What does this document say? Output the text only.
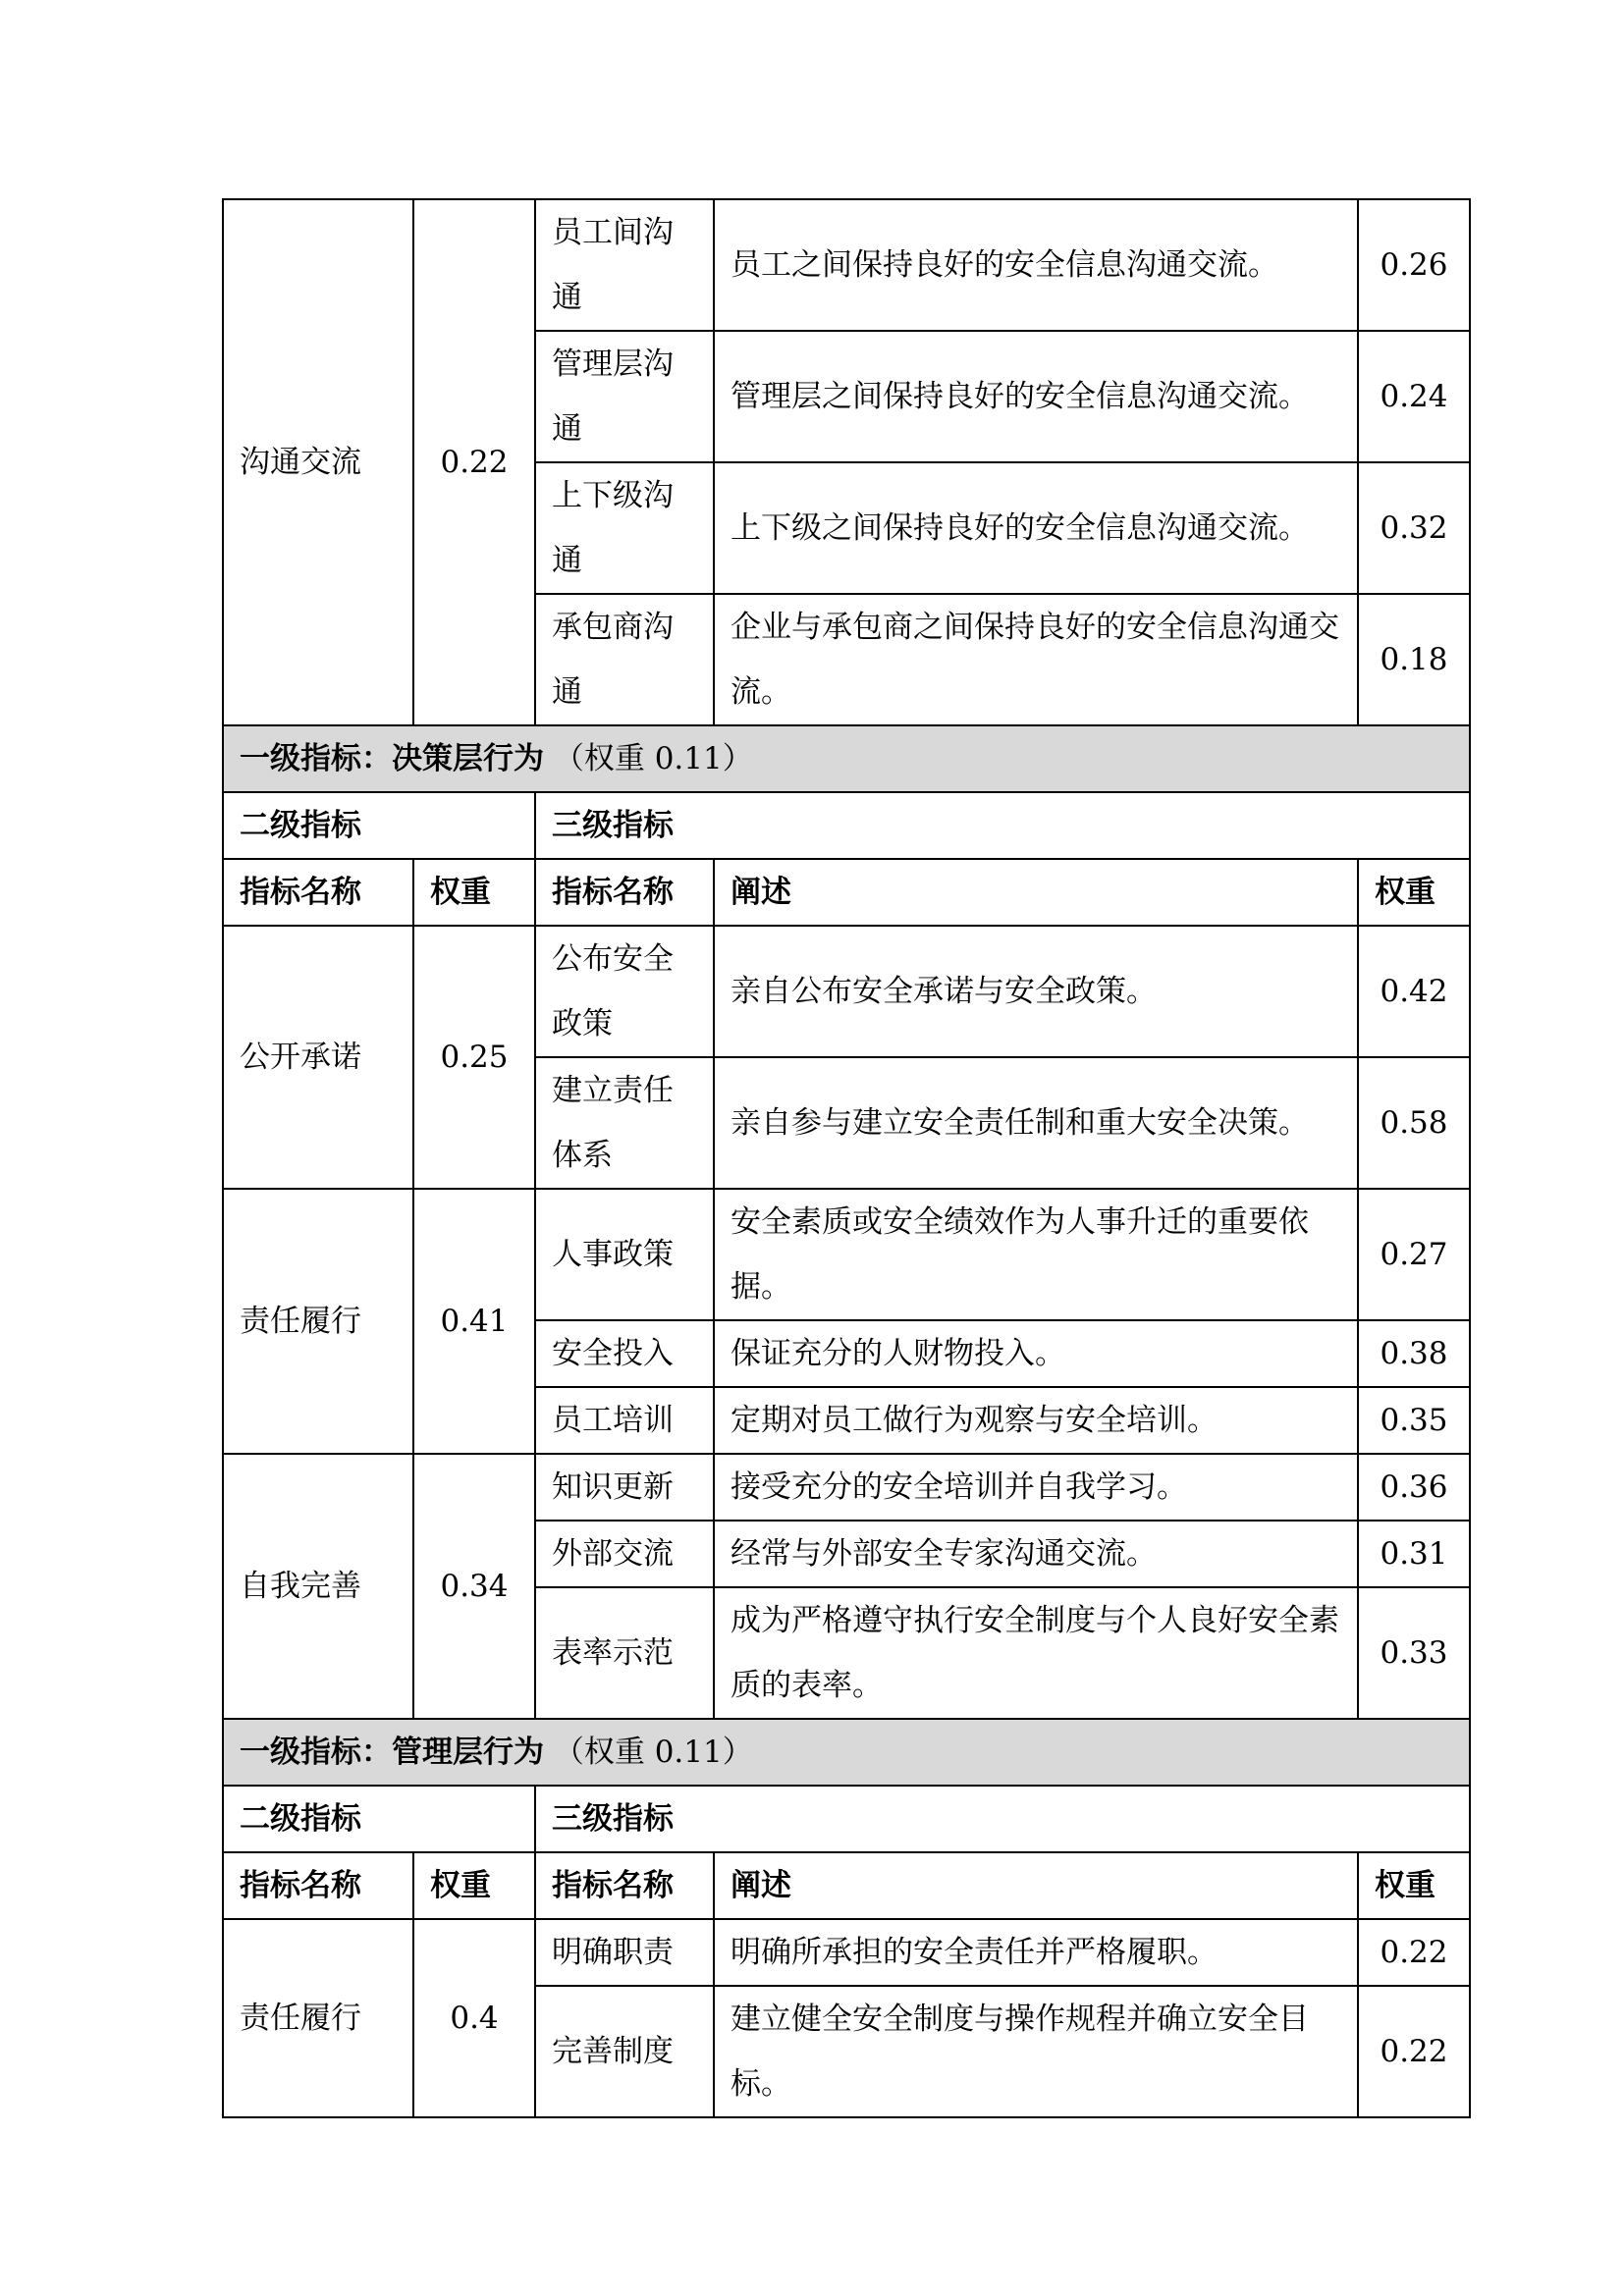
沟通交流	0.22	员工间沟通	员工之间保持良好的安全信息沟通交流。	0.26
		管理层沟通	管理层之间保持良好的安全信息沟通交流。	0.24
		上下级沟通	上下级之间保持良好的安全信息沟通交流。	0.32
		承包商沟通	企业与承包商之间保持良好的安全信息沟通交流。	0.18
一级指标：决策层行为 （权重 0.11）				
二级指标		三级指标		
指标名称	权重	指标名称	阐述	权重
公开承诺	0.25	公布安全政策	亲自公布安全承诺与安全政策。	0.42
		建立责任体系	亲自参与建立安全责任制和重大安全决策。	0.58
责任履行	0.41	人事政策	安全素质或安全绩效作为人事升迁的重要依据。	0.27
		安全投入	保证充分的人财物投入。	0.38
		员工培训	定期对员工做行为观察与安全培训。	0.35
自我完善	0.34	知识更新	接受充分的安全培训并自我学习。	0.36
		外部交流	经常与外部安全专家沟通交流。	0.31
		表率示范	成为严格遵守执行安全制度与个人良好安全素质的表率。	0.33
一级指标：管理层行为 （权重 0.11）				
二级指标		三级指标		
指标名称	权重	指标名称	阐述	权重
责任履行	0.4	明确职责	明确所承担的安全责任并严格履职。	0.22
		完善制度	建立健全安全制度与操作规程并确立安全目标。	0.22
